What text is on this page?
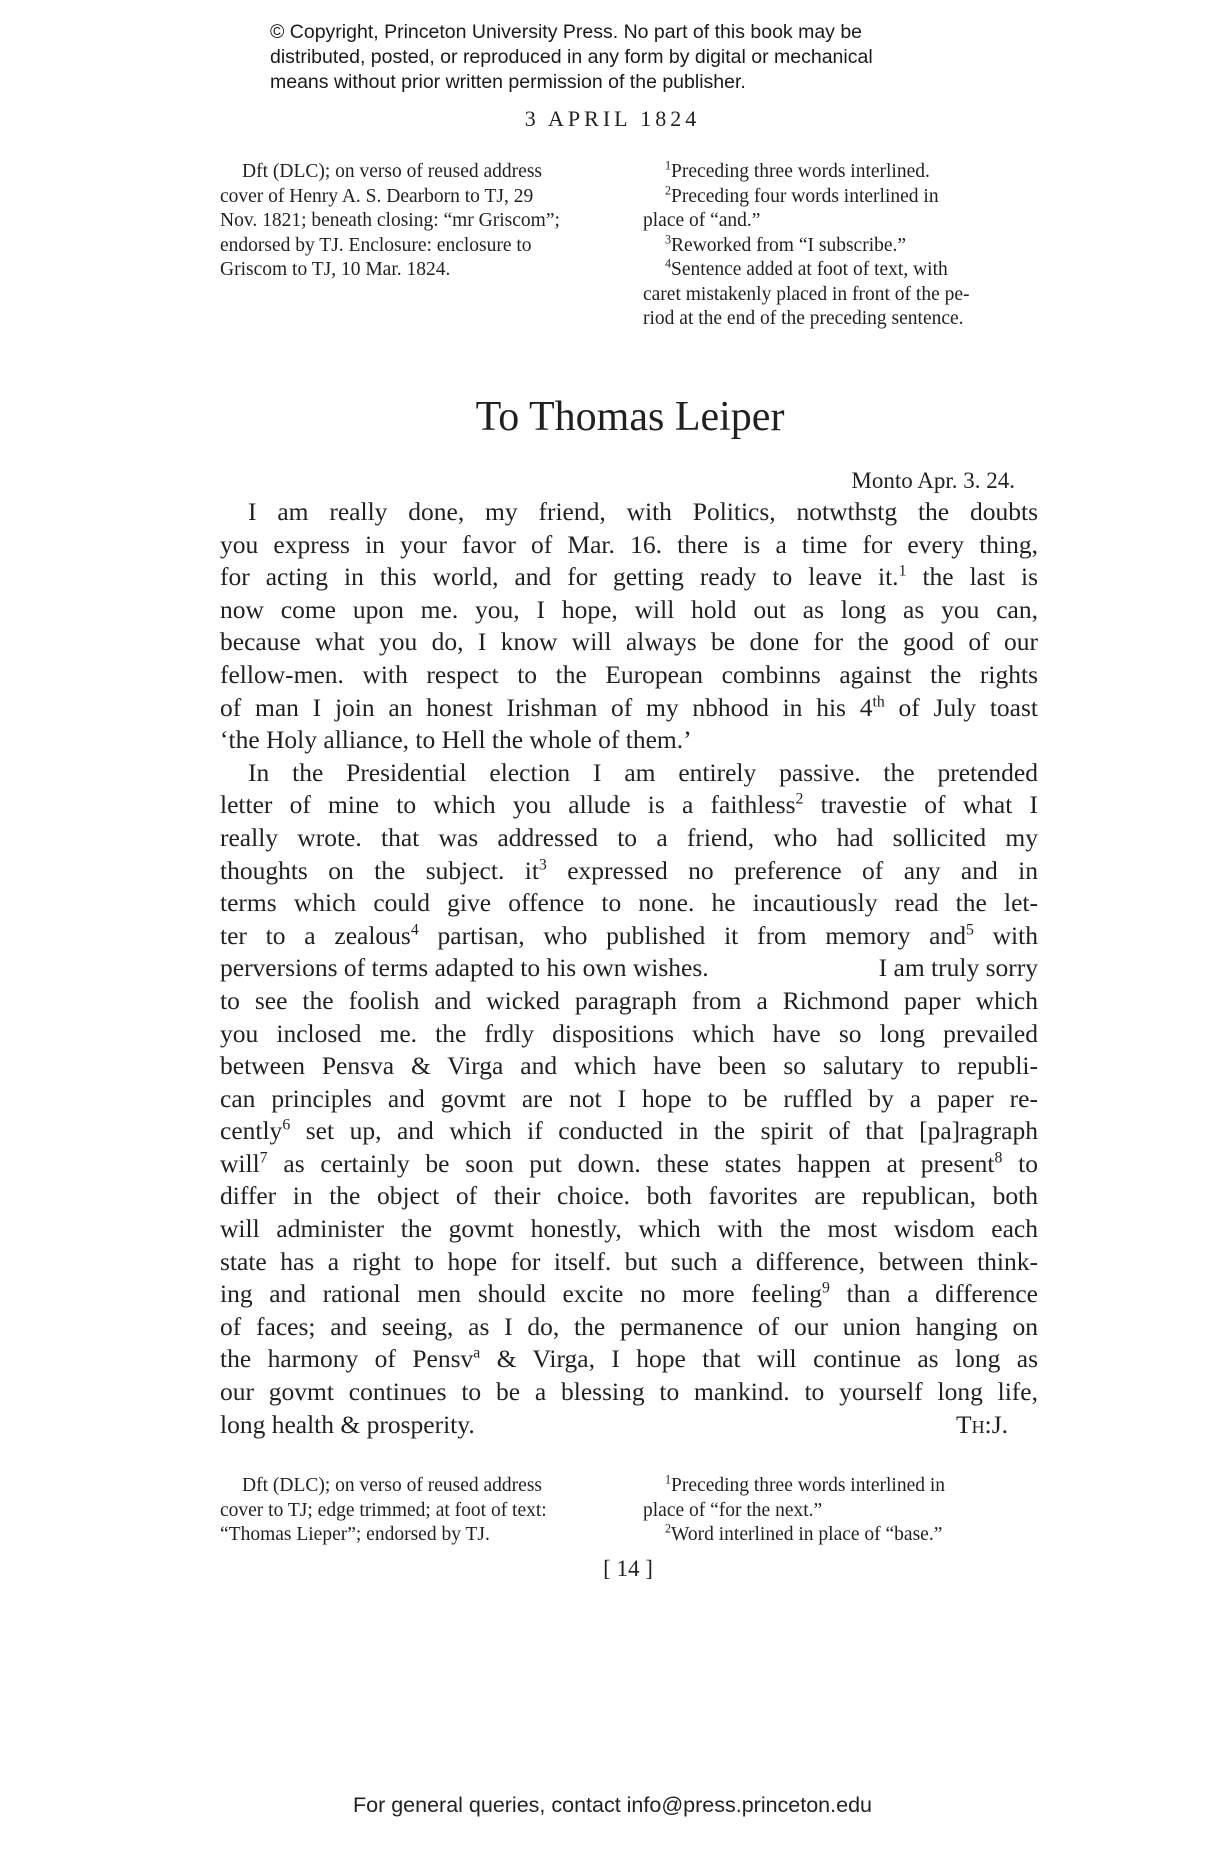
© Copyright, Princeton University Press. No part of this book may be
distributed, posted, or reproduced in any form by digital or mechanical
means without prior written permission of the publisher.
3 APRIL 1824
Dft (DLC); on verso of reused address
cover of Henry A. S. Dearborn to TJ, 29
Nov. 1821; beneath closing: “mr Griscom”;
endorsed by TJ. Enclosure: enclosure to
Griscom to TJ, 10 Mar. 1824.
$^1$Preceding three words interlined.
$^2$Preceding four words interlined in
place of “and.”
$^3$Reworked from “I subscribe.”
$^4$Sentence added at foot of text, with
caret mistakenly placed in front of the pe-
riod at the end of the preceding sentence.
To Thomas Leiper
Monto Apr. 3. 24.
I am really done, my friend, with Politics, notwthstg the doubts
you express in your favor of Mar. 16. there is a time for every thing,
for acting in this world, and for getting ready to leave it.$^1$ the last is
now come upon me. you, I hope, will hold out as long as you can,
because what you do, I know will always be done for the good of our
fellow-men. with respect to the European combinns against the rights
of man I join an honest Irishman of my nbhood in his 4th of July toast
‘the Holy alliance, to Hell the whole of them.’
In the Presidential election I am entirely passive. the pretended
letter of mine to which you allude is a faithless$^2$ travestie of what I
really wrote. that was addressed to a friend, who had sollicited my
thoughts on the subject. $it^3$ expressed no preference of any and in
terms which could give offence to none. he incautiously read the let-
ter to a zealous$^4$ partisan, who published it from memory and$^5$ with
perversions of terms adapted to his own wishes.	I am truly sorry
to see the foolish and wicked paragraph from a Richmond paper which
you inclosed me. the frdly dispositions which have so long prevailed
between Pensva & Virga and which have been so salutary to republi-
can principles and govmt are not I hope to be ruffled by a paper re-
cently$^6$ set up, and which if conducted in the spirit of that [pa]ragraph
will$^7$ as certainly be soon put down. these states happen at present$^8$ to
differ in the object of their choice. both favorites are republican, both
will administer the govmt honestly, which with the most wisdom each
state has a right to hope for itself. but such a difference, between think-
ing and rational men should excite no more feeling$^9$ than a difference
of faces; and seeing, as I do, the permanence of our union hanging on
the harmony of Pensv$^a$ & Virga, I hope that will continue as long as
our govmt continues to be a blessing to mankind. to yourself long life,
long health & prosperity.	Th:J.
Dft (DLC); on verso of reused address
cover to TJ; edge trimmed; at foot of text:
“Thomas Lieper”; endorsed by TJ.
$^1$Preceding three words interlined in
place of “for the next.”
$^2$Word interlined in place of “base.”
[ 14 ]
For general queries, contact info@press.princeton.edu
